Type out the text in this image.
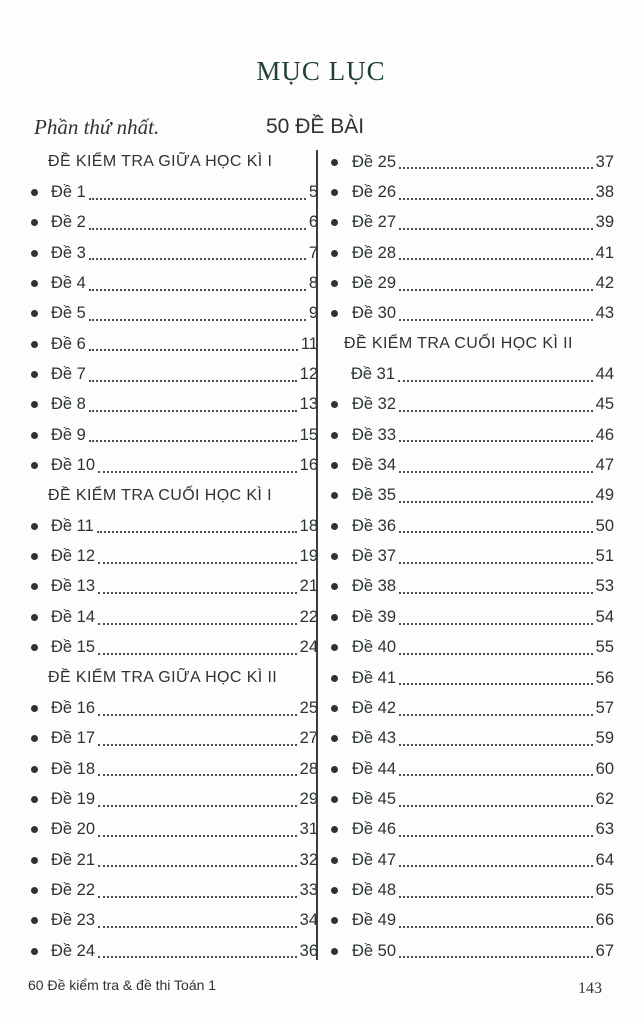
MỤC LỤC
Phần thứ nhất.	50 ĐỀ BÀI
ĐỀ KIỂM TRA GIỮA HỌC KÌ I
Đề 1	5
Đề 2	6
Đề 3	7
Đề 4	8
Đề 5	9
Đề 6	11
Đề 7	12
Đề 8	13
Đề 9	15
Đề 10	16
ĐỀ KIỂM TRA CUỐI HỌC KÌ I
Đề 11	18
Đề 12	19
Đề 13	21
Đề 14	22
Đề 15	24
ĐỀ KIỂM TRA GIỮA HỌC KÌ II
Đề 16	25
Đề 17	27
Đề 18	28
Đề 19	29
Đề 20	31
Đề 21	32
Đề 22	33
Đề 23	34
Đề 24	36
Đề 25	37
Đề 26	38
Đề 27	39
Đề 28	41
Đề 29	42
Đề 30	43
ĐỀ KIỂM TRA CUỐI HỌC KÌ II
Đề 31	44
Đề 32	45
Đề 33	46
Đề 34	47
Đề 35	49
Đề 36	50
Đề 37	51
Đề 38	53
Đề 39	54
Đề 40	55
Đề 41	56
Đề 42	57
Đề 43	59
Đề 44	60
Đề 45	62
Đề 46	63
Đề 47	64
Đề 48	65
Đề 49	66
Đề 50	67
60 Đề kiểm tra & đề thi Toán 1	143
